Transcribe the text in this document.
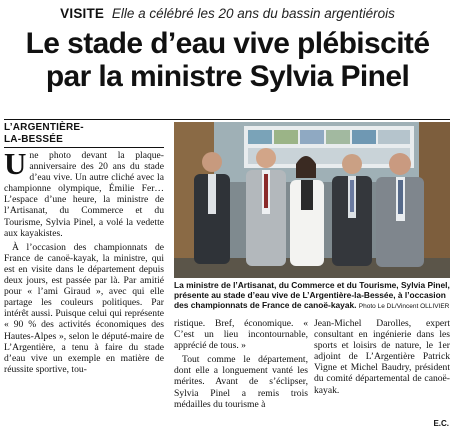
VISITE Elle a célébré les 20 ans du bassin argentiérois
Le stade d’eau vive plébiscité
par la ministre Sylvia Pinel
L’ARGENTIÈRE-
LA-BESSÉE

Une photo devant la plaque-anniversaire des 20 ans du stade d’eau vive. Un autre cliché avec la championne olympique, Émilie Fer… L’espace d’une heure, la ministre de l’Artisanat, du Commerce et du Tourisme, Sylvia Pinel, a volé la vedette aux kayakistes.

À l’occasion des championnats de France de canoë-kayak, la ministre, qui est en visite dans le département depuis deux jours, est passée par là. Par amitié pour « l’ami Giraud », avec qui elle partage les couleurs politiques. Par intérêt aussi. Puisque celui qui représente « 90 % des activités économiques des Hautes-Alpes », selon le député-maire de L’Argentière, a tenu à faire du stade d’eau vive un exemple en matière de réussite sportive, tou-

La ministre de l’Artisanat, du Commerce et du Tourisme, Sylvia Pinel, présente au stade d’eau vive de L’Argentière-la-Bessée, à l’occasion des championnats de France de canoë-kayak. Photo Le DL/Vincent OLLIVIER

ristique. Bref, économique. « C’est un lieu incontournable, apprécié de tous. »

Tout comme le département, dont elle a longuement vanté les mérites. Avant de s’éclipser, Sylvia Pinel a remis trois médailles du tourisme à

Jean-Michel Darolles, expert consultant en ingénierie dans les sports et loisirs de nature, le 1er adjoint de L’Argentière Patrick Vigne et Michel Baudry, président du comité départemental de canoë-kayak.

E.C.
